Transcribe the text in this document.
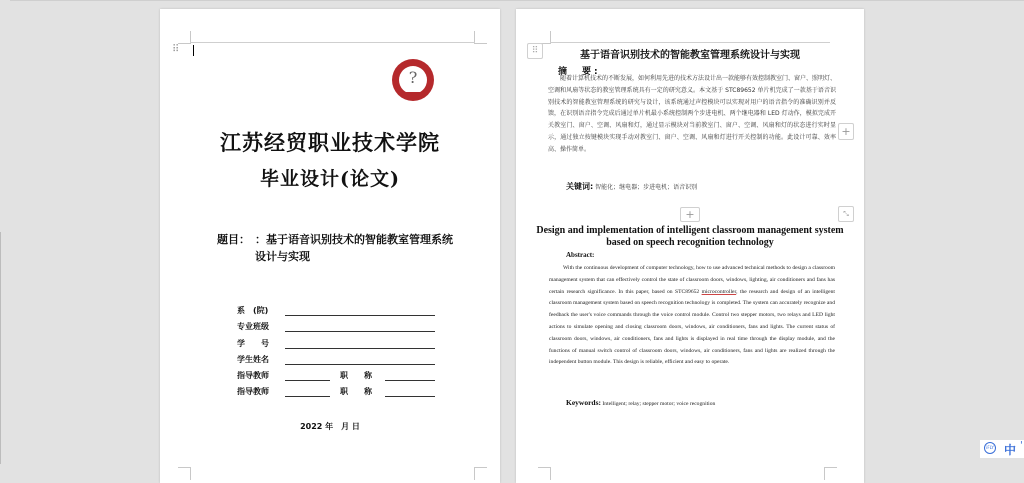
⠿
?
江苏经贸职业技术学院
毕业设计(论文)
题目： ：基于语音识别技术的智能教室管理系统设计与实现
系　(院)
专业班级
学　　号
学生姓名
指导教师	职　　称
指导教师	职　　称
2022 年　月 日
⠿	基于语音识别技术的智能教室管理系统设计与实现
摘　要:
随着计算机技术的不断发展，如何利用先进的技术方法设计出一款能够有效控制教室门、窗户、照明灯、空调和风扇等状态的教室管理系统具有一定的研究意义。本文基于 STC89652 单片机完成了一款基于语音识别技术的智能教室管理系统的研究与设计，该系统通过声控模块可以实现对用户的语音指令的准确识别并反馈，在识别语音指令完成后通过单片机最小系统控制两个步进电机、两个继电器和 LED 灯动作，模拟完成开关教室门、窗户、空调、风扇和灯，通过显示模块对当前教室门、窗户、空调、风扇和灯的状态进行实时显示，通过独立按键模块实现手动对教室门、窗户、空调、风扇和灯进行开关控制的功能。此设计可靠、效率高、操作简单。
关键词: 智能化；继电器；步进电机；语音识别
+
+	⤡
Design and implementation of intelligent classroom management system based on speech recognition technology
Abstract:
With the continuous development of computer technology, how to use advanced technical methods to design a classroom management system that can effectively control the state of classroom doors, windows, lighting, air conditioners and fans has certain research significance. In this paper, based on STC89652 microcontroller, the research and design of an intelligent classroom management system based on speech recognition technology is completed. The system can accurately recognize and feedback the user's voice commands through the voice control module. Control two stepper motors, two relays and LED light actions to simulate opening and closing classroom doors, windows, air conditioners, fans and lights. The current status of classroom doors, windows, air conditioners, fans and lights is displayed in real time through the display module, and the functions of manual switch control of classroom doors, windows, air conditioners, fans and lights are realized through the independent button module. This design is reliable, efficient and easy to operate.
Keywords: Intelligent; relay; stepper motor; voice recognition
iFLY 中 '
